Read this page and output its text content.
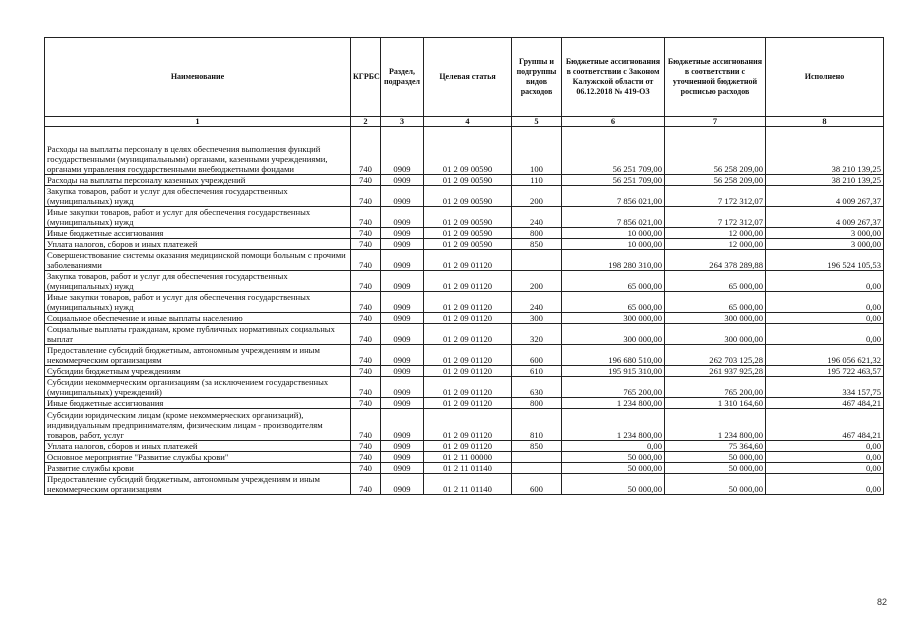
Наименование	КГРБС	Раздел, подраздел	Целевая статья	Группы и подгруппы видов расходов	Бюджетные ассигнования в соответствии с Законом Калужской области от 06.12.2018 № 419-ОЗ	Бюджетные ассигнования в соответствии с уточненной бюджетной росписью расходов	Исполнено
1	2	3	4	5	6	7	8
Расходы на выплаты персоналу в целях обеспечения выполнения функций государственными (муниципальными) органами, казенными учреждениями, органами управления государственными внебюджетными фондами	740	0909	01 2 09 00590	100	56 251 709,00	56 258 209,00	38 210 139,25
Расходы на выплаты персоналу казенных учреждений	740	0909	01 2 09 00590	110	56 251 709,00	56 258 209,00	38 210 139,25
Закупка товаров, работ и услуг для обеспечения государственных (муниципальных) нужд	740	0909	01 2 09 00590	200	7 856 021,00	7 172 312,07	4 009 267,37
Иные закупки товаров, работ и услуг для обеспечения государственных (муниципальных) нужд	740	0909	01 2 09 00590	240	7 856 021,00	7 172 312,07	4 009 267,37
Иные бюджетные ассигнования	740	0909	01 2 09 00590	800	10 000,00	12 000,00	3 000,00
Уплата налогов, сборов и иных платежей	740	0909	01 2 09 00590	850	10 000,00	12 000,00	3 000,00
Совершенствование системы оказания медицинской помощи больным с прочими заболеваниями	740	0909	01 2 09 01120		198 280 310,00	264 378 289,88	196 524 105,53
Закупка товаров, работ и услуг для обеспечения государственных (муниципальных) нужд	740	0909	01 2 09 01120	200	65 000,00	65 000,00	0,00
Иные закупки товаров, работ и услуг для обеспечения государственных (муниципальных) нужд	740	0909	01 2 09 01120	240	65 000,00	65 000,00	0,00
Социальное обеспечение и иные выплаты населению	740	0909	01 2 09 01120	300	300 000,00	300 000,00	0,00
Социальные выплаты гражданам, кроме публичных нормативных социальных выплат	740	0909	01 2 09 01120	320	300 000,00	300 000,00	0,00
Предоставление субсидий бюджетным, автономным учреждениям и иным некоммерческим организациям	740	0909	01 2 09 01120	600	196 680 510,00	262 703 125,28	196 056 621,32
Субсидии бюджетным учреждениям	740	0909	01 2 09 01120	610	195 915 310,00	261 937 925,28	195 722 463,57
Субсидии некоммерческим организациям (за исключением государственных (муниципальных) учреждений)	740	0909	01 2 09 01120	630	765 200,00	765 200,00	334 157,75
Иные бюджетные ассигнования	740	0909	01 2 09 01120	800	1 234 800,00	1 310 164,60	467 484,21
Субсидии юридическим лицам (кроме некоммерческих организаций), индивидуальным предпринимателям, физическим лицам - производителям товаров, работ, услуг	740	0909	01 2 09 01120	810	1 234 800,00	1 234 800,00	467 484,21
Уплата налогов, сборов и иных платежей	740	0909	01 2 09 01120	850	0,00	75 364,60	0,00
Основное мероприятие "Развитие службы крови"	740	0909	01 2 11 00000		50 000,00	50 000,00	0,00
Развитие службы крови	740	0909	01 2 11 01140		50 000,00	50 000,00	0,00
Предоставление субсидий бюджетным, автономным учреждениям и иным некоммерческим организациям	740	0909	01 2 11 01140	600	50 000,00	50 000,00	0,00
82
